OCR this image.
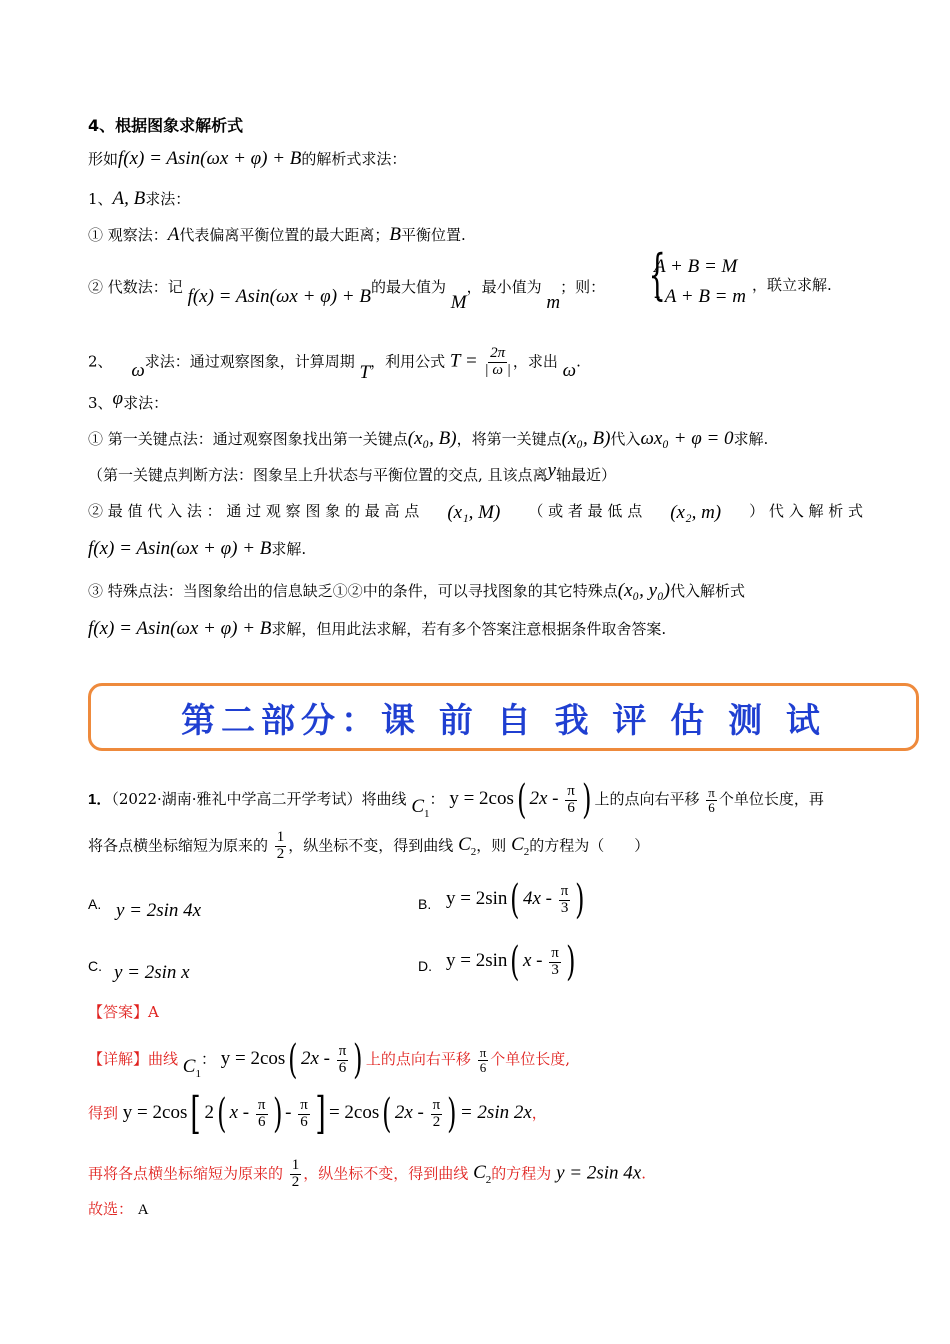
4、根据图象求解析式
形如f(x) = Asin(ωx + φ) + B的解析式求法：
1、A, B求法：
① 观察法：A代表偏离平衡位置的最大距离；B平衡位置.
② 代数法：记 f(x) = Asin(ωx + φ) + B的最大值为 M，最小值为 m；则： {
A + B = M
- A + B = m
，联立求解.
2、 ω求法：通过观察图象，计算周期 T，利用公式 $T = \frac{2\pi}{| \omega |}$ ，求出 ω.
3、φ求法：
① 第一关键点法：通过观察图象找出第一关键点(x₀, B)，将第一关键点(x₀, B)代入ωx₀ + φ = 0求解.
（第一关键点判断方法：图象呈上升状态与平衡位置的交点, 且该点离y轴最近）
② 最 值 代 入 法 ： 通 过 观 察 图 象 的 最 高 点 (x₁, M) （ 或 者 最 低 点 (x₂, m) ） 代 入 解 析 式
f(x) = Asin(ωx + φ) + B求解.
③ 特殊点法：当图象给出的信息缺乏①②中的条件，可以寻找图象的其它特殊点(x₀, y₀)代入解析式
f(x) = Asin(ωx + φ) + B求解，但用此法求解，若有多个答案注意根据条件取舍答案.
第二部分：课 前 自 我 评 估 测 试
1．（2022·湖南·雅礼中学高二开学考试）将曲线 $C_1$： y = 2cos( $2x - \frac{\pi}{6}$ ) 上的点向右平移 $\frac{\pi}{6}$ 个单位长度，再
将各点横坐标缩短为原来的 $\frac{1}{2}$ ，纵坐标不变，得到曲线 $C_2$，则 $C_2$的方程为（　　）
A. y = 2sin 4x	B. y = 2sin( $4x - \frac{\pi}{3}$ )
C. y = 2sin x	D. y = 2sin( x - $\frac{\pi}{3}$ )
【答案】A
【详解】曲线 $C_1$： y = 2cos( $2x - \frac{\pi}{6}$ ) 上的点向右平移 $\frac{\pi}{6}$ 个单位长度,
得到 y = 2cos[ 2( x - $\frac{\pi}{6}$ ) - $\frac{\pi}{6}$ ] = 2cos( $2x - \frac{\pi}{2}$ ) = 2sin 2x，
再将各点横坐标缩短为原来的 $\frac{1}{2}$ ，纵坐标不变，得到曲线 $C_2$的方程为 y = 2sin 4x.
故选： A
